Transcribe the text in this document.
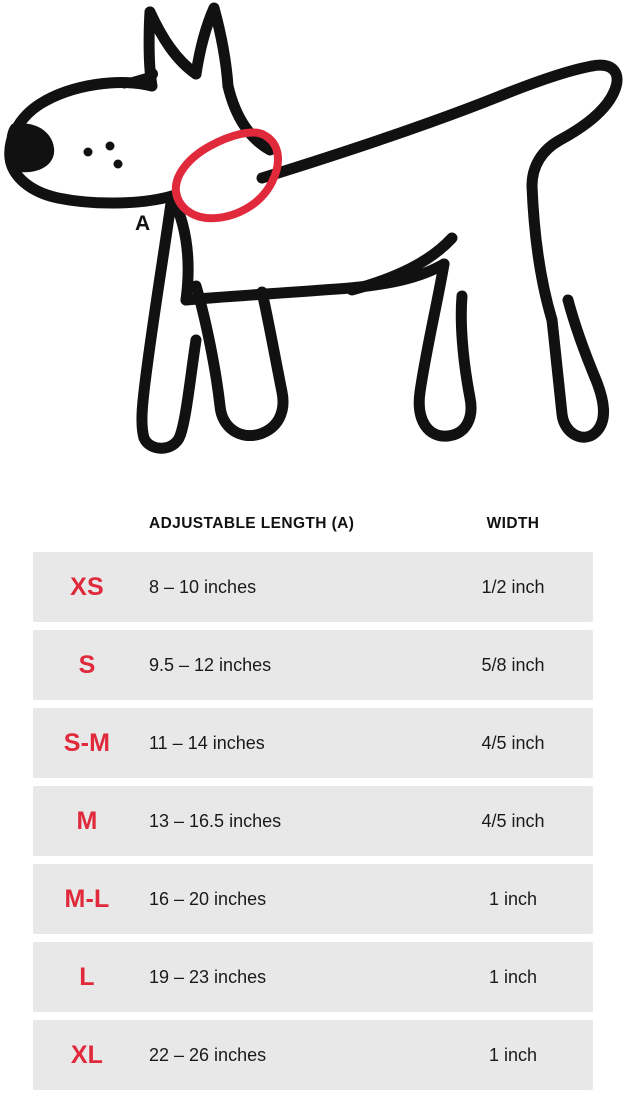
A
ADJUSTABLE LENGTH (A)	WIDTH
XS	8 – 10 inches	1/2 inch
S	9.5 – 12 inches	5/8 inch
S-M	11 – 14 inches	4/5 inch
M	13 – 16.5 inches	4/5 inch
M-L	16 – 20 inches	1 inch
L	19 – 23 inches	1 inch
XL	22 – 26 inches	1 inch
